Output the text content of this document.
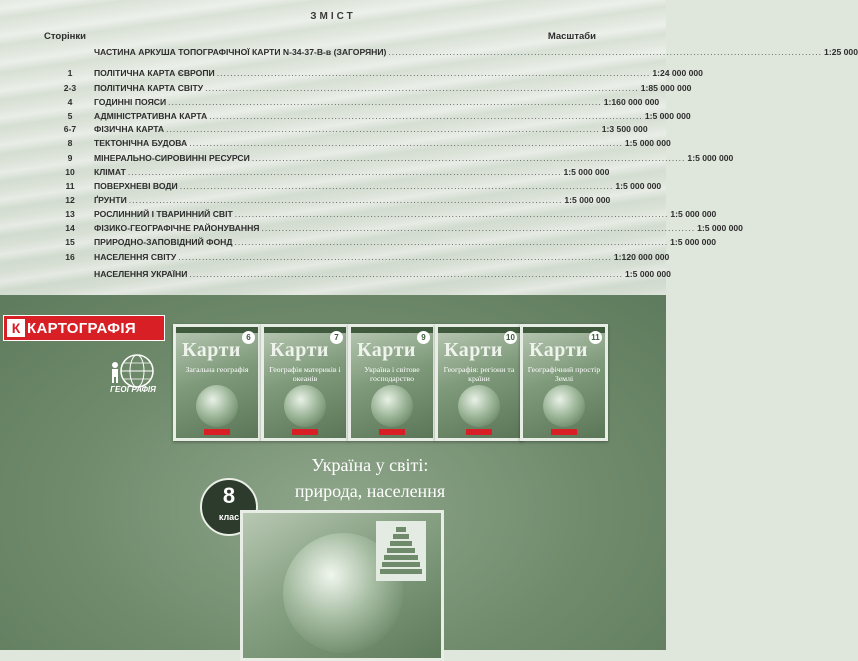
ЗМІСТ
Сторінки	Масштаби
ЧАСТИНА АРКУША ТОПОГРАФІЧНОЇ КАРТИ N-34-37-В-в (ЗАГОРЯНИ) ................................................................................................................................ 1:25 000
1	ПОЛІТИЧНА КАРТА ЄВРОПИ ................................................................................................................................ 1:24 000 000
2-3	ПОЛІТИЧНА КАРТА СВІТУ ................................................................................................................................ 1:85 000 000
4	ГОДИННІ ПОЯСИ ................................................................................................................................ 1:160 000 000
5	АДМІНІСТРАТИВНА КАРТА ................................................................................................................................ 1:5 000 000
6-7	ФІЗИЧНА КАРТА ................................................................................................................................ 1:3 500 000
8	ТЕКТОНІЧНА БУДОВА ................................................................................................................................ 1:5 000 000
9	МІНЕРАЛЬНО-СИРОВИННІ РЕСУРСИ ................................................................................................................................ 1:5 000 000
10	КЛІМАТ ................................................................................................................................ 1:5 000 000
11	ПОВЕРХНЕВІ ВОДИ ................................................................................................................................ 1:5 000 000
12	ҐРУНТИ ................................................................................................................................ 1:5 000 000
13	РОСЛИННИЙ І ТВАРИННИЙ СВІТ ................................................................................................................................ 1:5 000 000
14	ФІЗИКО-ГЕОГРАФІЧНЕ РАЙОНУВАННЯ ................................................................................................................................ 1:5 000 000
15	ПРИРОДНО-ЗАПОВІДНИЙ ФОНД ................................................................................................................................ 1:5 000 000
16	НАСЕЛЕННЯ СВІТУ ................................................................................................................................ 1:120 000 000
НАСЕЛЕННЯ УКРАЇНИ ................................................................................................................................ 1:5 000 000
К КАРТОГРАФІЯ
ГЕОГРАФІЯ
6
Карти
Загальна географія
7
Карти
Географія материків і океанів
9
Карти
Україна і світове господарство
10
Карти
Географія: регіони та країни
11
Карти
Географічний простір Землі
Україна у світі:
природа, населення
8
клас
